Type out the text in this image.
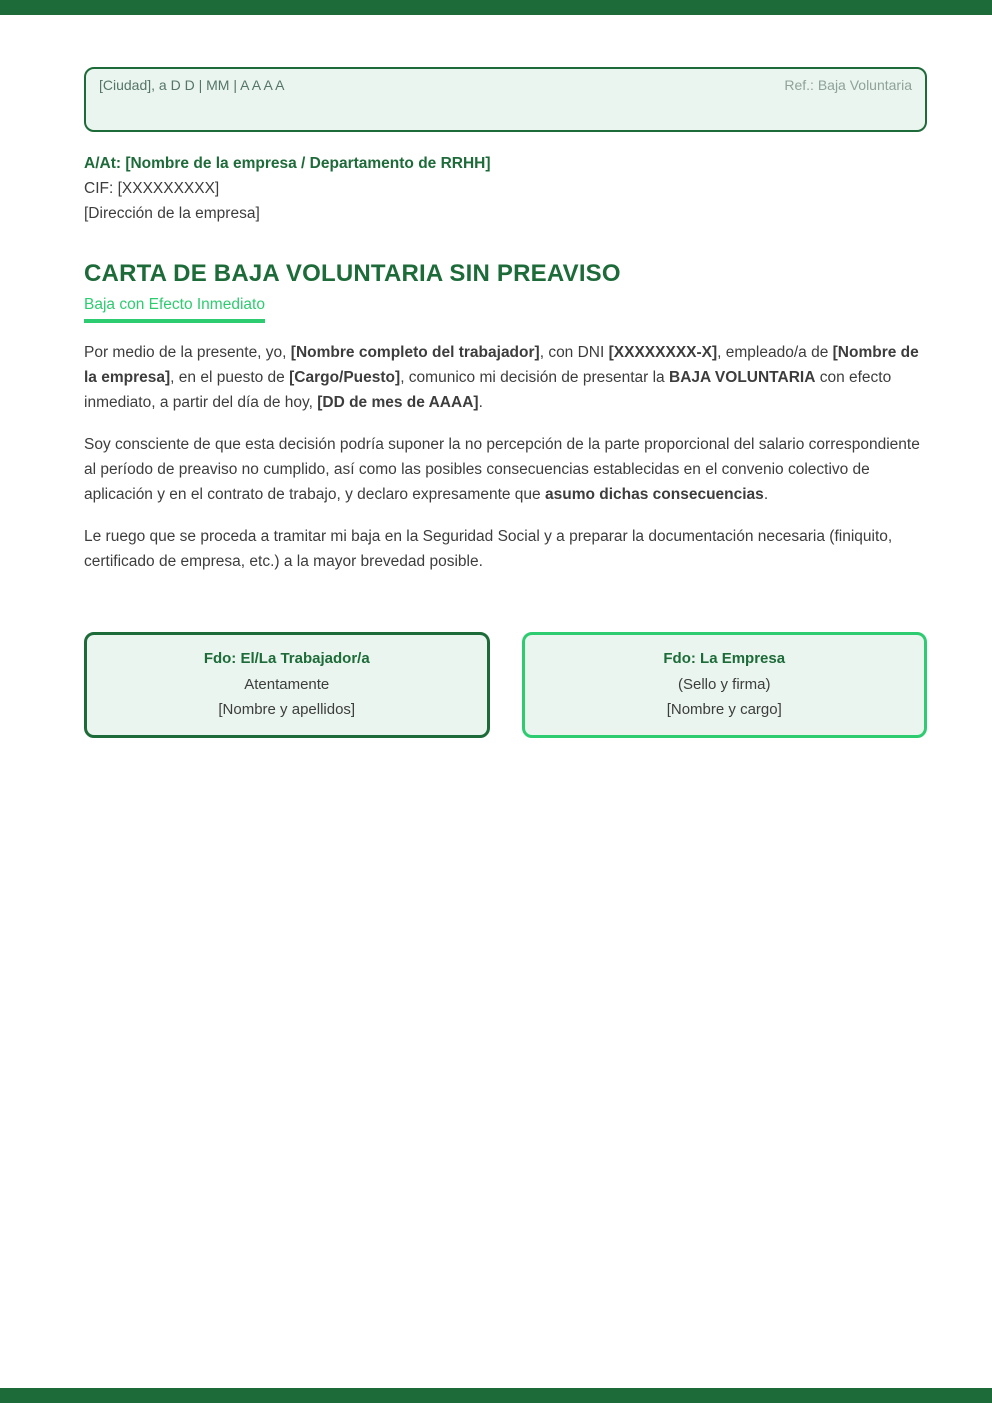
[Ciudad], a D D | MM | A A A A	Ref.: Baja Voluntaria
A/At: [Nombre de la empresa / Departamento de RRHH]
CIF: [XXXXXXXXX]
[Dirección de la empresa]
CARTA DE BAJA VOLUNTARIA SIN PREAVISO
Baja con Efecto Inmediato

Por medio de la presente, yo, [Nombre completo del trabajador], con DNI [XXXXXXXX-X], empleado/a de [Nombre de la empresa], en el puesto de [Cargo/Puesto], comunico mi decisión de presentar la BAJA VOLUNTARIA con efecto inmediato, a partir del día de hoy, [DD de mes de AAAA].

Soy consciente de que esta decisión podría suponer la no percepción de la parte proporcional del salario correspondiente al período de preaviso no cumplido, así como las posibles consecuencias establecidas en el convenio colectivo de aplicación y en el contrato de trabajo, y declaro expresamente que asumo dichas consecuencias.

Le ruego que se proceda a tramitar mi baja en la Seguridad Social y a preparar la documentación necesaria (finiquito, certificado de empresa, etc.) a la mayor brevedad posible.

Fdo: El/La Trabajador/a
Atentamente
[Nombre y apellidos]
Fdo: La Empresa
(Sello y firma)
[Nombre y cargo]
